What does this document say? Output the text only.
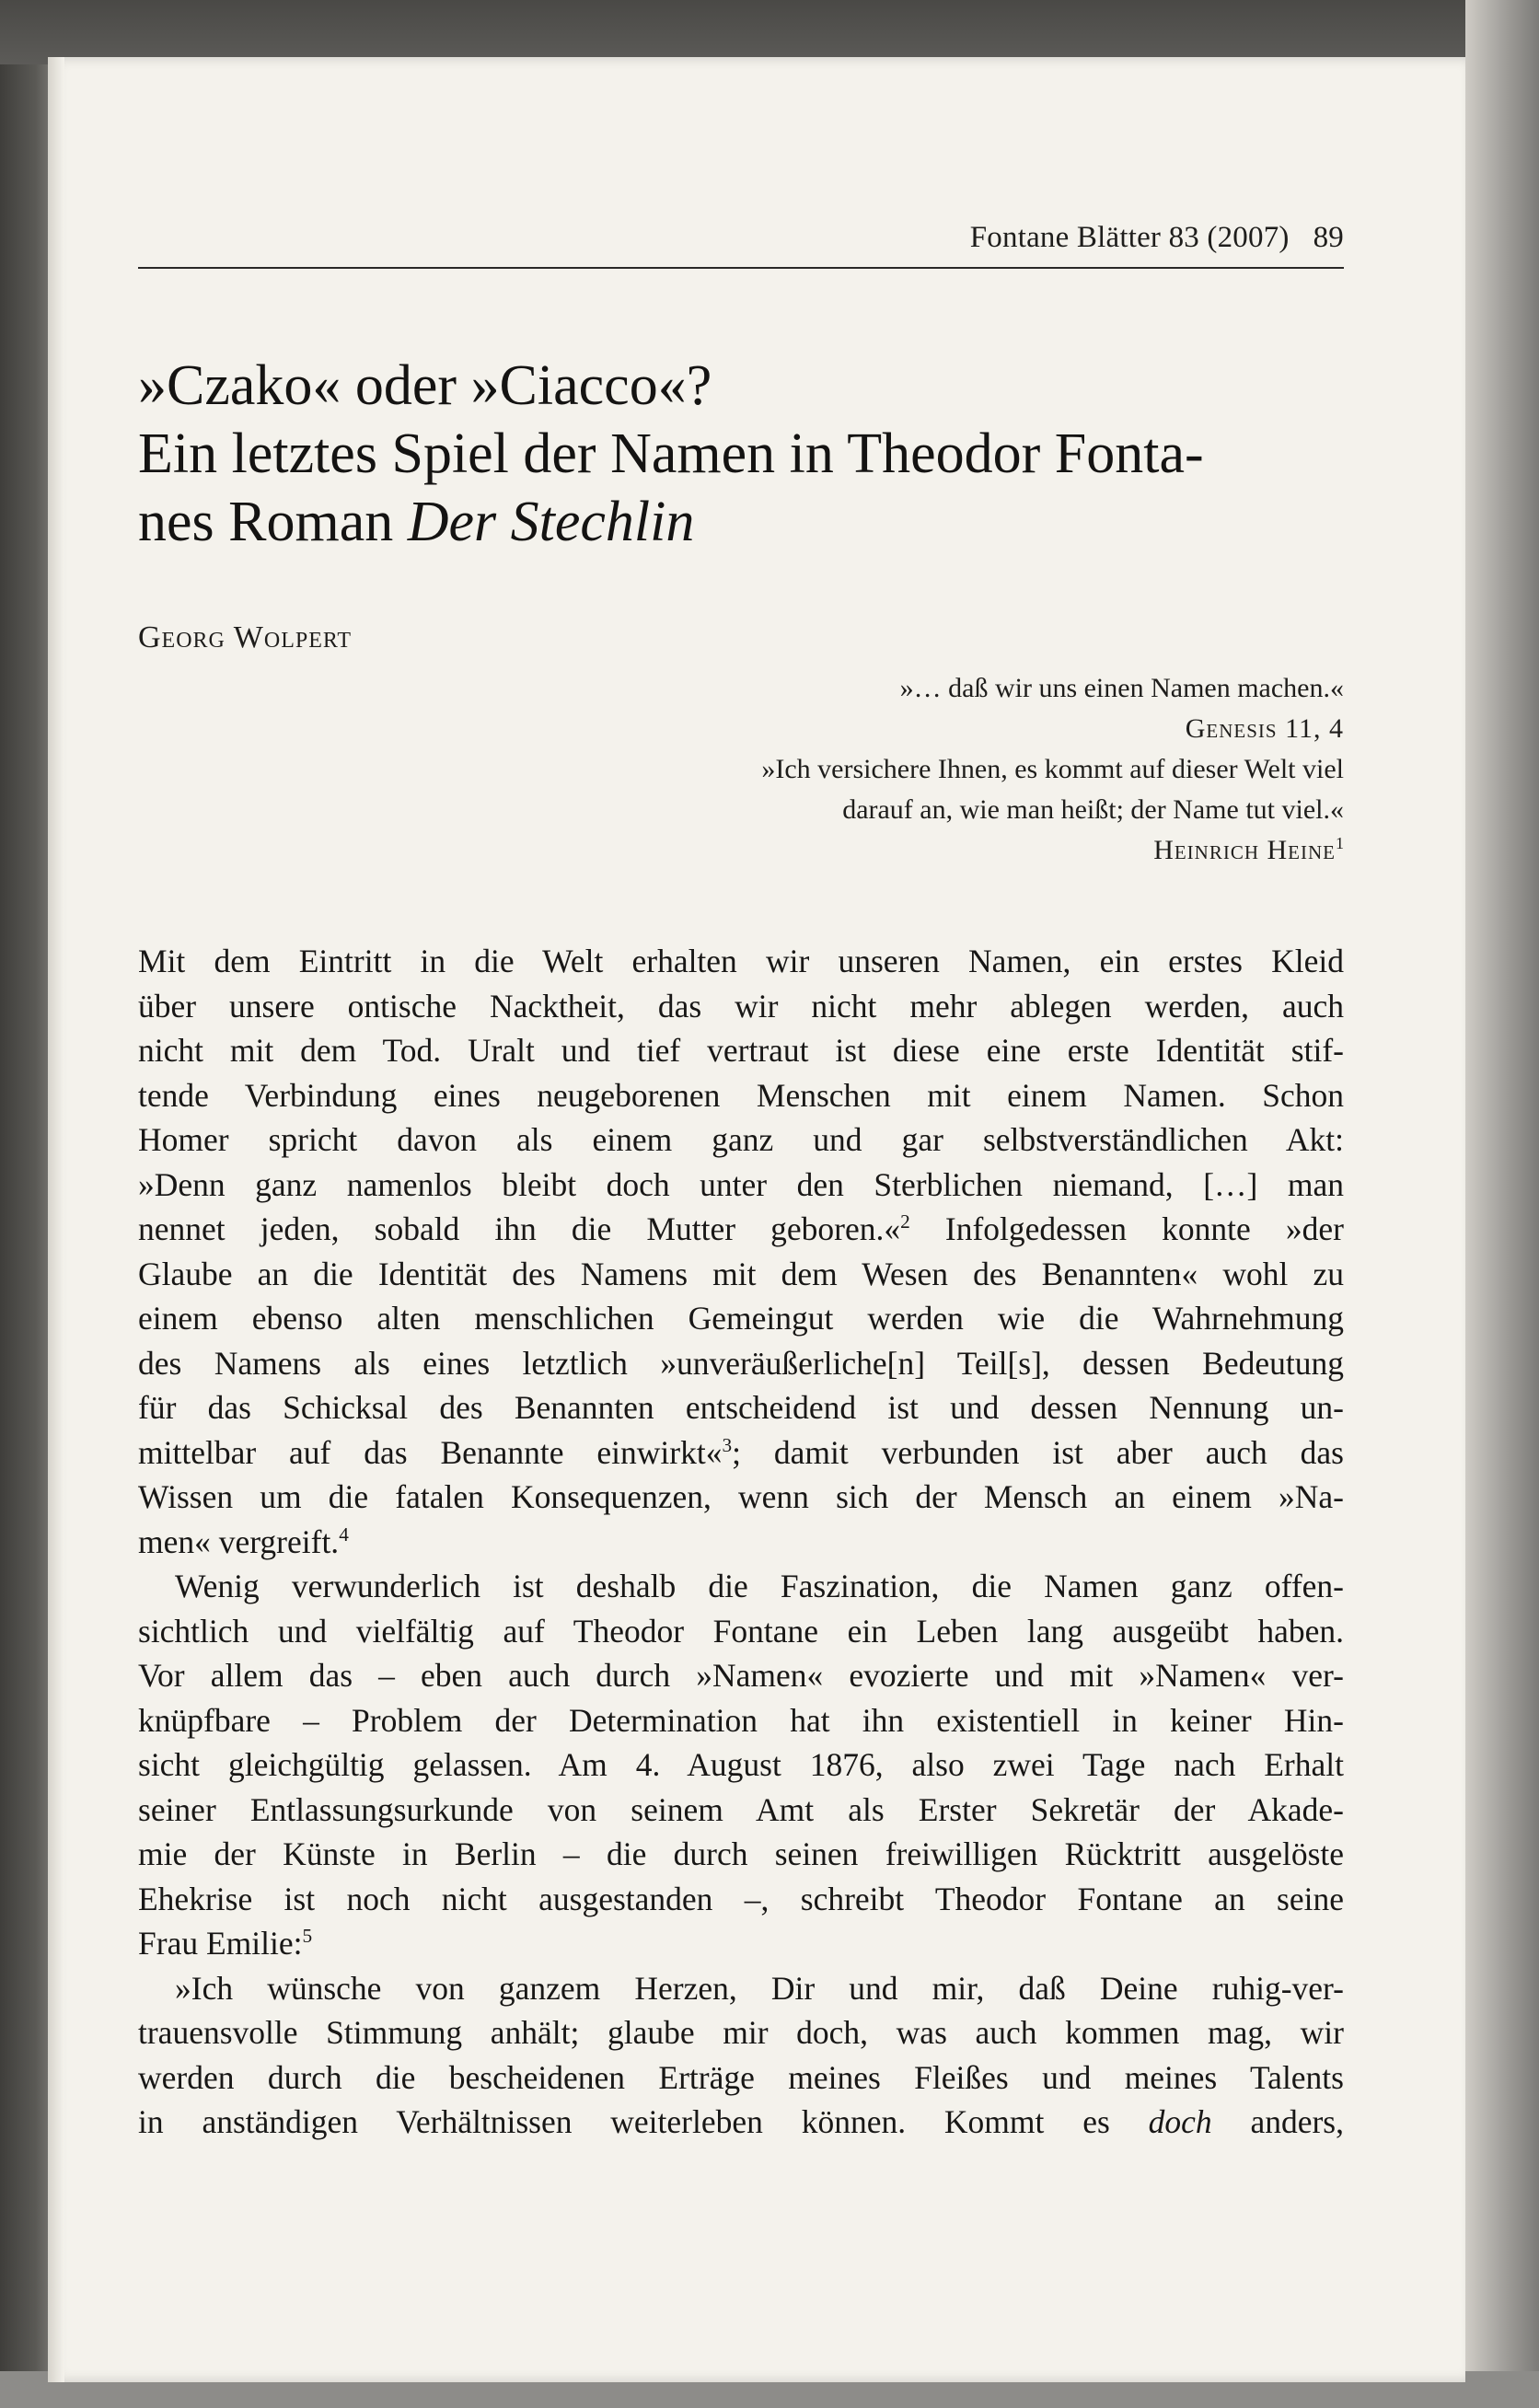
Fontane Blätter 83 (2007) 89
»Czako« oder »Ciacco«?
Ein letztes Spiel der Namen in Theodor Fonta-
nes Roman Der Stechlin
Georg Wolpert
»… daß wir uns einen Namen machen.«
Genesis 11, 4
»Ich versichere Ihnen, es kommt auf dieser Welt viel
darauf an, wie man heißt; der Name tut viel.«
Heinrich Heine$^1$
Mit dem Eintritt in die Welt erhalten wir unseren Namen, ein erstes Kleid
über unsere ontische Nacktheit, das wir nicht mehr ablegen werden, auch
nicht mit dem Tod. Uralt und tief vertraut ist diese eine erste Identität stif-
tende Verbindung eines neugeborenen Menschen mit einem Namen. Schon
Homer spricht davon als einem ganz und gar selbstverständlichen Akt:
»Denn ganz namenlos bleibt doch unter den Sterblichen niemand, […] man
nennet jeden, sobald ihn die Mutter geboren.«$^2$ Infolgedessen konnte »der
Glaube an die Identität des Namens mit dem Wesen des Benannten« wohl zu
einem ebenso alten menschlichen Gemeingut werden wie die Wahrnehmung
des Namens als eines letztlich »unveräußerliche[n] Teil[s], dessen Bedeutung
für das Schicksal des Benannten entscheidend ist und dessen Nennung un-
mittelbar auf das Benannte einwirkt«$^3$; damit verbunden ist aber auch das
Wissen um die fatalen Konsequenzen, wenn sich der Mensch an einem »Na-
men« vergreift.$^4$
Wenig verwunderlich ist deshalb die Faszination, die Namen ganz offen-
sichtlich und vielfältig auf Theodor Fontane ein Leben lang ausgeübt haben.
Vor allem das – eben auch durch »Namen« evozierte und mit »Namen« ver-
knüpfbare – Problem der Determination hat ihn existentiell in keiner Hin-
sicht gleichgültig gelassen. Am 4. August 1876, also zwei Tage nach Erhalt
seiner Entlassungsurkunde von seinem Amt als Erster Sekretär der Akade-
mie der Künste in Berlin – die durch seinen freiwilligen Rücktritt ausgelöste
Ehekrise ist noch nicht ausgestanden –, schreibt Theodor Fontane an seine
Frau Emilie:$^5$
»Ich wünsche von ganzem Herzen, Dir und mir, daß Deine ruhig-ver-
trauensvolle Stimmung anhält; glaube mir doch, was auch kommen mag, wir
werden durch die bescheidenen Erträge meines Fleißes und meines Talents
in anständigen Verhältnissen weiterleben können. Kommt es doch anders,
